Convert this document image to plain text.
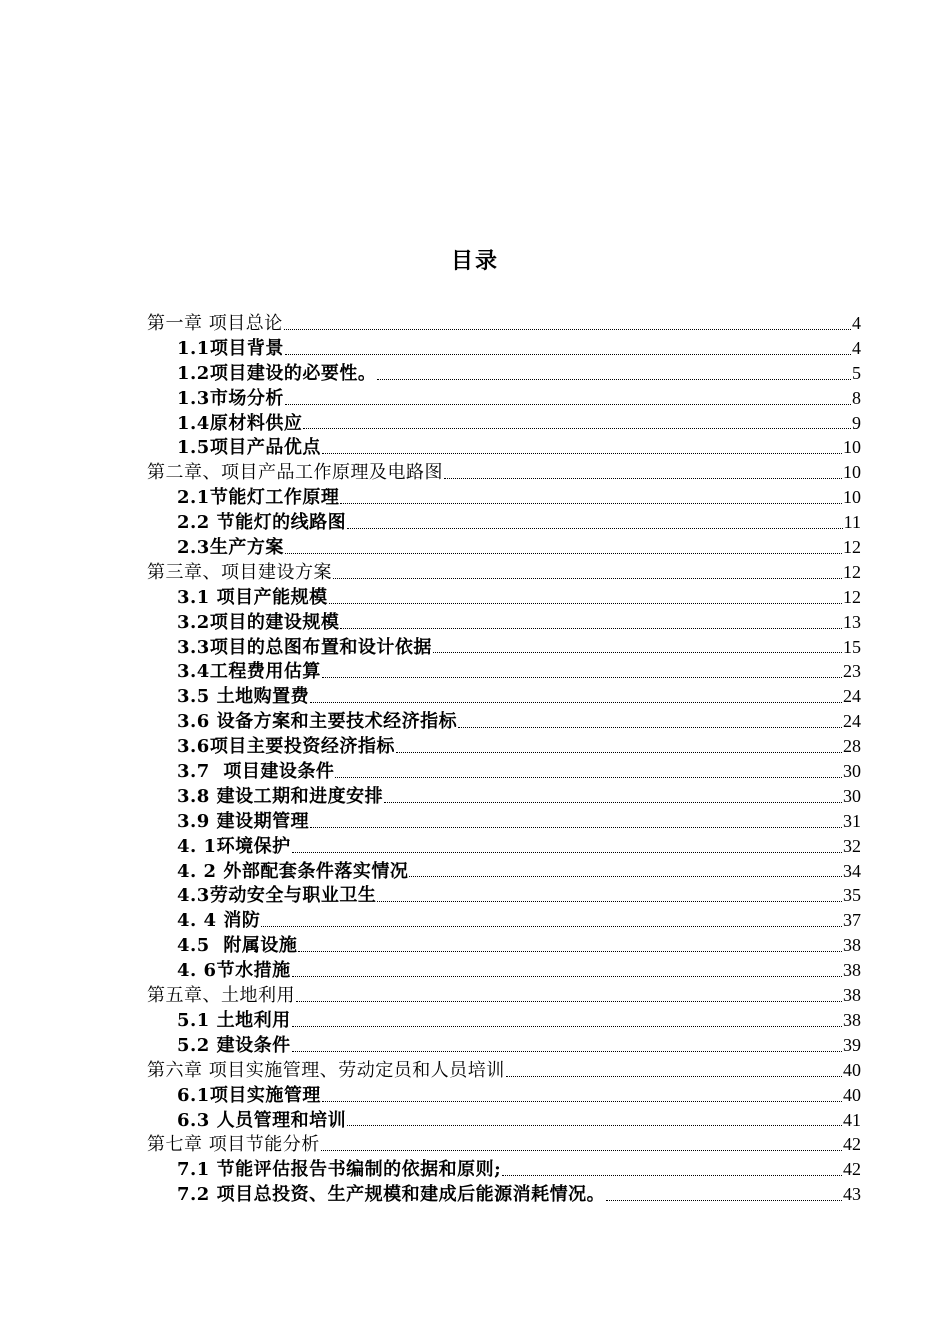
目录
第一章 项目总论	4
1.1项目背景	4
1.2项目建设的必要性。	5
1.3市场分析	8
1.4原材料供应	9
1.5项目产品优点	10
第二章、项目产品工作原理及电路图	10
2.1节能灯工作原理	10
2.2 节能灯的线路图	11
2.3生产方案	12
第三章、项目建设方案	12
3.1 项目产能规模	12
3.2项目的建设规模	13
3.3项目的总图布置和设计依据	15
3.4工程费用估算	23
3.5 土地购置费	24
3.6 设备方案和主要技术经济指标	24
3.6项目主要投资经济指标	28
3.7  项目建设条件	30
3.8 建设工期和进度安排	30
3.9 建设期管理	31
4. 1环境保护	32
4. 2 外部配套条件落实情况	34
4.3劳动安全与职业卫生	35
4. 4 消防	37
4.5  附属设施	38
4. 6节水措施	38
第五章、土地利用	38
5.1 土地利用	38
5.2 建设条件	39
第六章 项目实施管理、劳动定员和人员培训	40
6.1项目实施管理	40
6.3 人员管理和培训	41
第七章 项目节能分析	42
7.1 节能评估报告书编制的依据和原则;	42
7.2 项目总投资、生产规模和建成后能源消耗情况。	43
